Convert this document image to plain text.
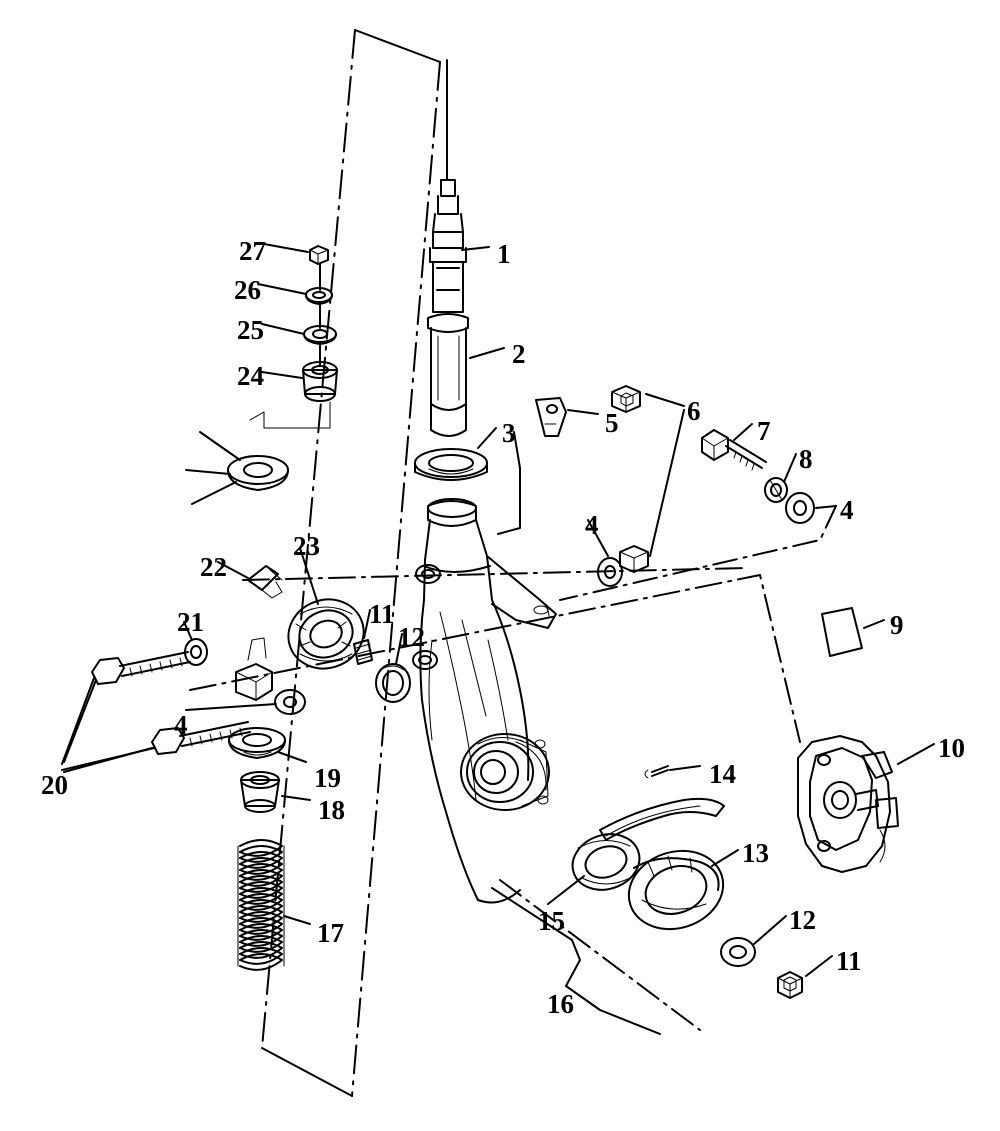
1
2
3
4
5	6
7
8
4
9
10
11
12
13
14
15
16
12
11
17
18
19
20
21
4
22
23
24
25
26
27
